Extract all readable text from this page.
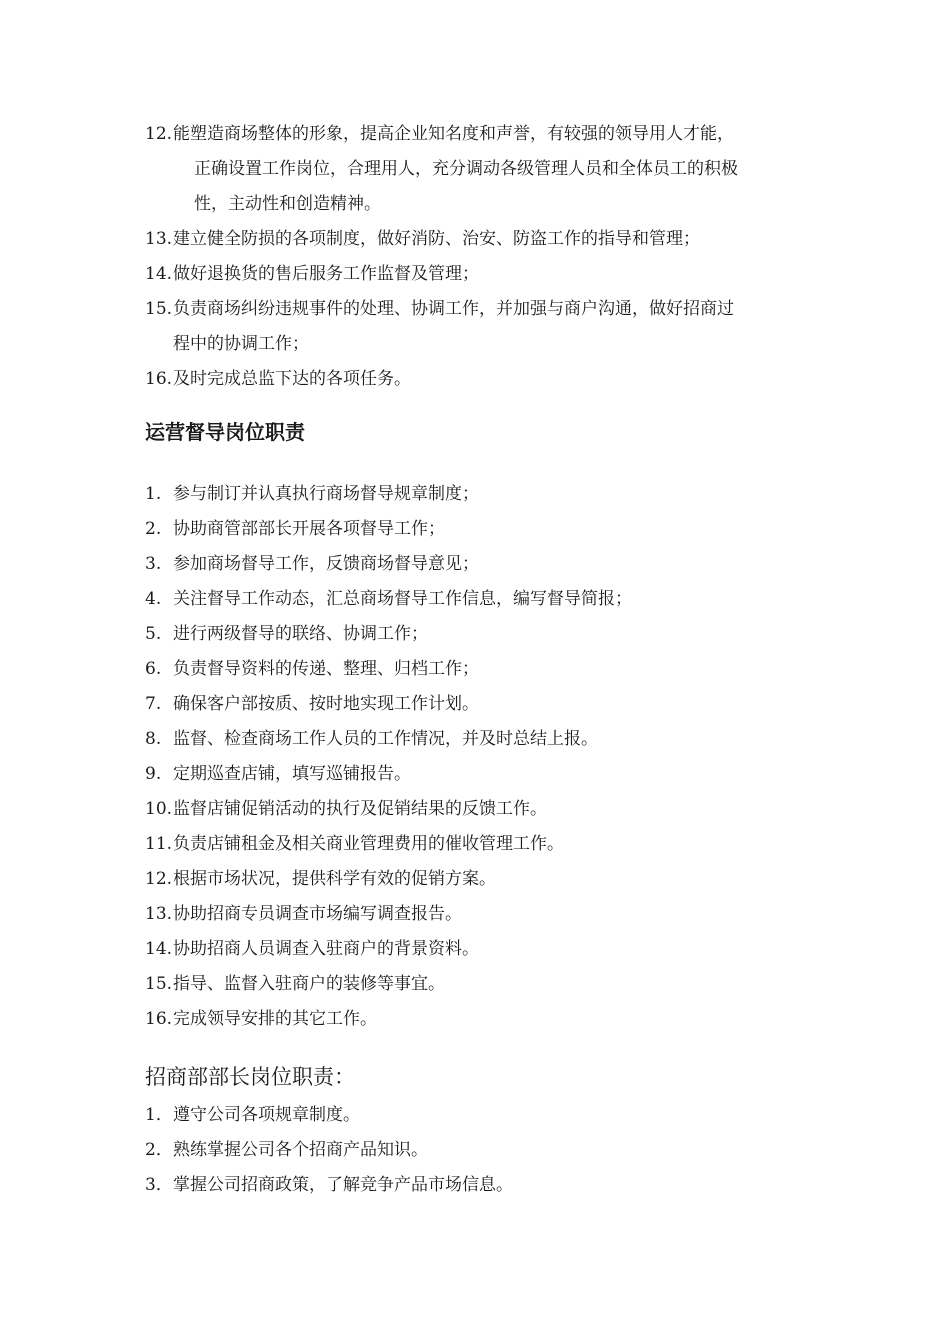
12. 能塑造商场整体的形象，提高企业知名度和声誉，有较强的领导用人才能，
正确设置工作岗位，合理用人，充分调动各级管理人员和全体员工的积极
性，主动性和创造精神。
13. 建立健全防损的各项制度，做好消防、治安、防盗工作的指导和管理；
14. 做好退换货的售后服务工作监督及管理；
15. 负责商场纠纷违规事件的处理、协调工作，并加强与商户沟通，做好招商过
程中的协调工作；
16. 及时完成总监下达的各项任务。
运营督导岗位职责
1. 参与制订并认真执行商场督导规章制度；
2. 协助商管部部长开展各项督导工作；
3. 参加商场督导工作，反馈商场督导意见；
4. 关注督导工作动态，汇总商场督导工作信息，编写督导简报；
5. 进行两级督导的联络、协调工作；
6. 负责督导资料的传递、整理、归档工作；
7. 确保客户部按质、按时地实现工作计划。
8. 监督、检查商场工作人员的工作情况，并及时总结上报。
9. 定期巡查店铺，填写巡铺报告。
10. 监督店铺促销活动的执行及促销结果的反馈工作。
11. 负责店铺租金及相关商业管理费用的催收管理工作。
12. 根据市场状况，提供科学有效的促销方案。
13. 协助招商专员调查市场编写调查报告。
14. 协助招商人员调查入驻商户的背景资料。
15. 指导、监督入驻商户的装修等事宜。
16. 完成领导安排的其它工作。
招商部部长岗位职责：
1． 遵守公司各项规章制度。
2． 熟练掌握公司各个招商产品知识。
3． 掌握公司招商政策，了解竞争产品市场信息。
